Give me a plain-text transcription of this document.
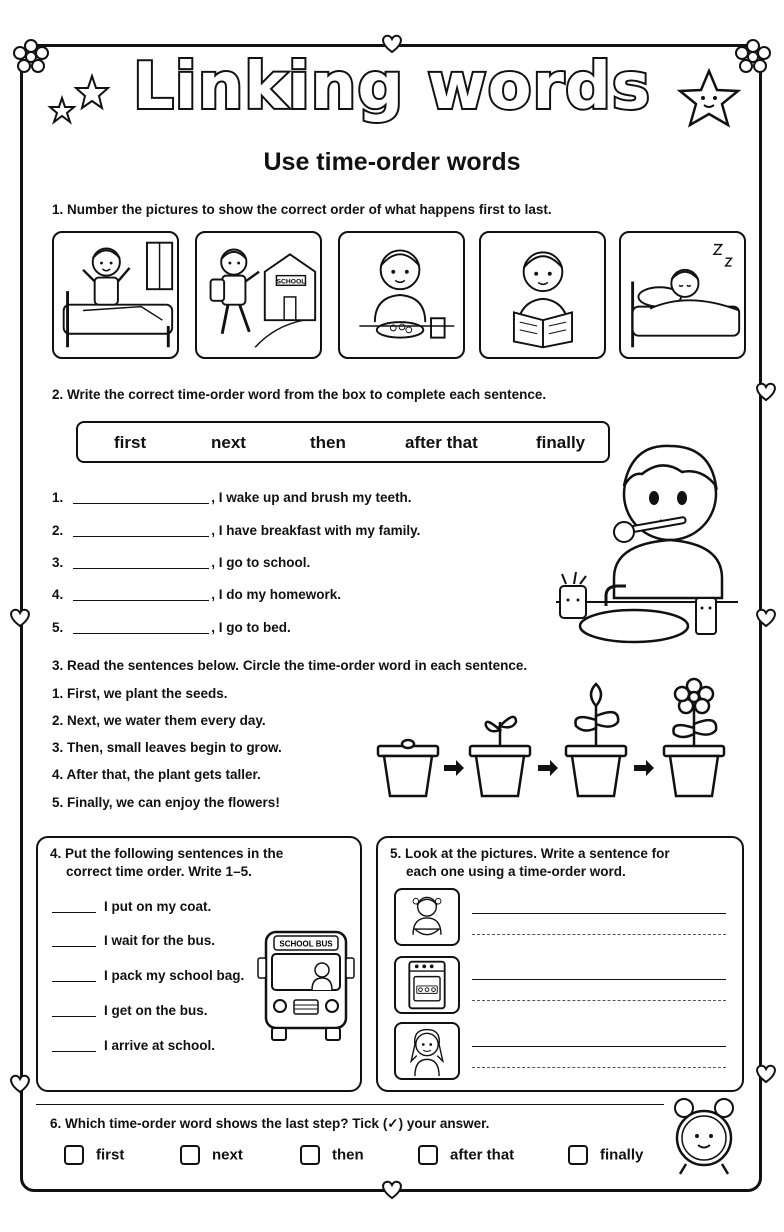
Linking words
Use time-order words
1. Number the pictures to show the correct order of what happens first to last.
SCHOOL
2. Write the correct time-order word from the box to complete each sentence.
first	next	then	after that	finally
1.	, I wake up and brush my teeth.
2.	, I have breakfast with my family.
3.	, I go to school.
4.	, I do my homework.
5.	, I go to bed.
3. Read the sentences below. Circle the time-order word in each sentence.
1. First, we plant the seeds.
2. Next, we water them every day.
3. Then, small leaves begin to grow.
4. After that, the plant gets taller.
5. Finally, we can enjoy the flowers!
4. Put the following sentences in the
correct time order. Write 1–5.
I put on my coat.
I wait for the bus.
I pack my school bag.
I get on the bus.
I arrive at school.
SCHOOL BUS
5. Look at the pictures. Write a sentence for
each one using a time-order word.
6. Which time-order word shows the last step? Tick (✓) your answer.
first	next	then	after that	finally
